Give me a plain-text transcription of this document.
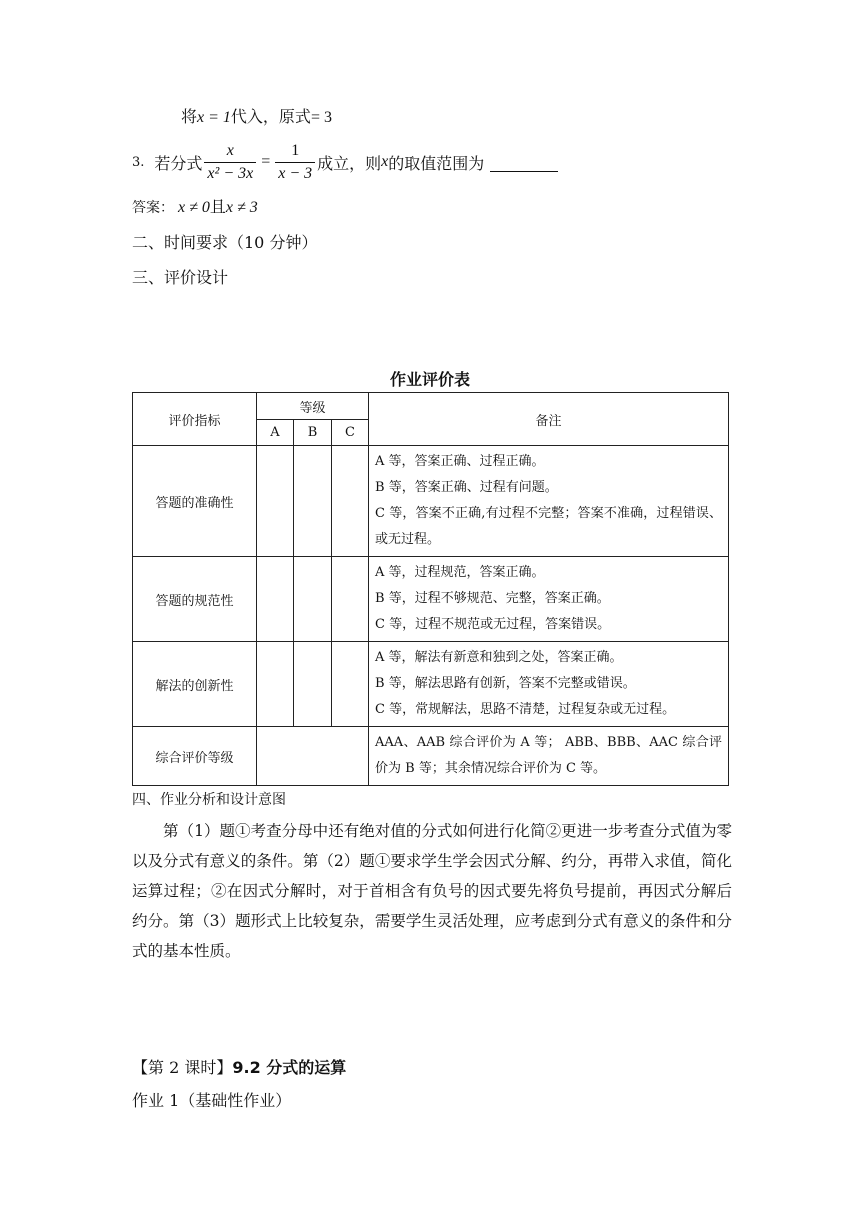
将x = 1代入，原式= 3
3. 若分式 $\frac{x}{\text{x² − 3x}} = \frac{1}{x - 3}$ 成立，则 x 的取值范围为
答案： x ≠ 0且x ≠ 3
二、时间要求（10 分钟）
三、评价设计
作业评价表
评价指标	等级			备注
	A	B	C	
答题的准确性				A 等，答案正确、过程正确。
B 等，答案正确、过程有问题。
C 等，答案不正确,有过程不完整；答案不准确，过程错误、或无过程。

答题的规范性				A 等，过程规范，答案正确。
B 等，过程不够规范、完整，答案正确。
C 等，过程不规范或无过程，答案错误。

解法的创新性				A 等，解法有新意和独到之处，答案正确。
B 等，解法思路有创新，答案不完整或错误。
C 等，常规解法，思路不清楚，过程复杂或无过程。

综合评价等级				AAA、AAB 综合评价为 A 等； ABB、BBB、AAC 综合评价为 B 等；其余情况综合评价为 C 等。
四、作业分析和设计意图
第（1）题①考查分母中还有绝对值的分式如何进行化简②更进一步考查分式值为零以及分式有意义的条件。第（2）题①要求学生学会因式分解、约分，再带入求值，简化运算过程；②在因式分解时，对于首相含有负号的因式要先将负号提前，再因式分解后约分。第（3）题形式上比较复杂，需要学生灵活处理，应考虑到分式有意义的条件和分式的基本性质。
【第 2 课时】9.2 分式的运算
作业 1（基础性作业）
